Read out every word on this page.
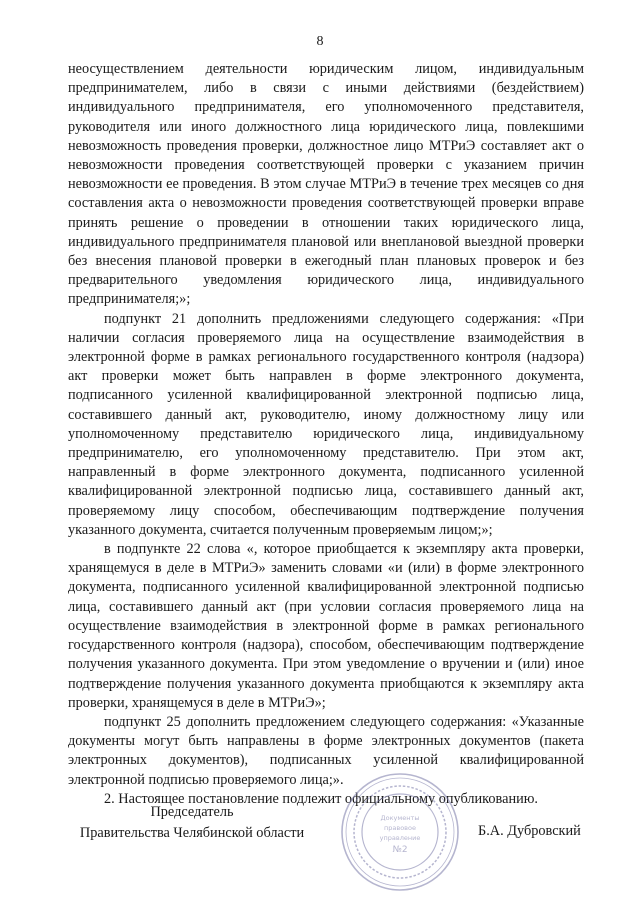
8

неосуществлением деятельности юридическим лицом, индивидуальным предпринимателем, либо в связи с иными действиями (бездействием) индивидуального предпринимателя, его уполномоченного представителя, руководителя или иного должностного лица юридического лица, повлекшими невозможность проведения проверки, должностное лицо МТРиЭ составляет акт о невозможности проведения соответствующей проверки с указанием причин невозможности ее проведения. В этом случае МТРиЭ в течение трех месяцев со дня составления акта о невозможности проведения соответствующей проверки вправе принять решение о проведении в отношении таких юридического лица, индивидуального предпринимателя плановой или внеплановой выездной проверки без внесения плановой проверки в ежегодный план плановых проверок и без предварительного уведомления юридического лица, индивидуального предпринимателя;»;

подпункт 21 дополнить предложениями следующего содержания: «При наличии согласия проверяемого лица на осуществление взаимодействия в электронной форме в рамках регионального государственного контроля (надзора) акт проверки может быть направлен в форме электронного документа, подписанного усиленной квалифицированной электронной подписью лица, составившего данный акт, руководителю, иному должностному лицу или уполномоченному представителю юридического лица, индивидуальному предпринимателю, его уполномоченному представителю. При этом акт, направленный в форме электронного документа, подписанного усиленной квалифицированной электронной подписью лица, составившего данный акт, проверяемому лицу способом, обеспечивающим подтверждение получения указанного документа, считается полученным проверяемым лицом;»;

в подпункте 22 слова «, которое приобщается к экземпляру акта проверки, хранящемуся в деле в МТРиЭ» заменить словами «и (или) в форме электронного документа, подписанного усиленной квалифицированной электронной подписью лица, составившего данный акт (при условии согласия проверяемого лица на осуществление взаимодействия в электронной форме в рамках регионального государственного контроля (надзора), способом, обеспечивающим подтверждение получения указанного документа. При этом уведомление о вручении и (или) иное подтверждение получения указанного документа приобщаются к экземпляру акта проверки, хранящемуся в деле в МТРиЭ»;

подпункт 25 дополнить предложением следующего содержания: «Указанные документы могут быть направлены в форме электронных документов (пакета электронных документов), подписанных усиленной квалифицированной электронной подписью проверяемого лица;».

2. Настоящее постановление подлежит официальному опубликованию.

Документы
правовое
управление
№2
Председатель
Правительства Челябинской области	Б.А. Дубровский
